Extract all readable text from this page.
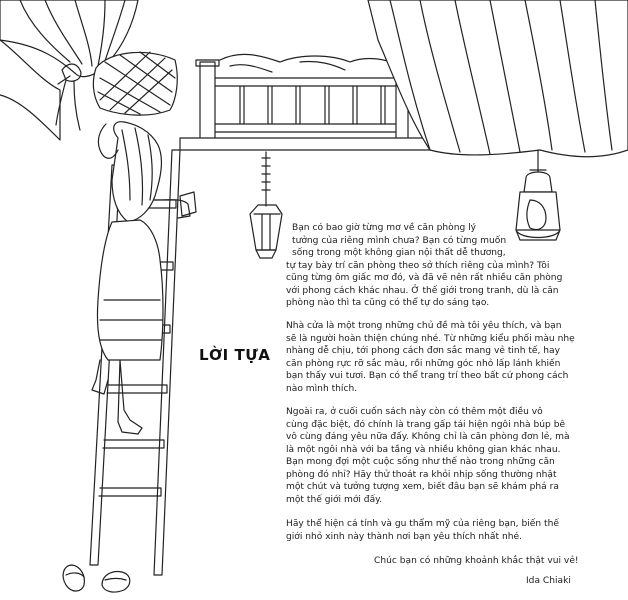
LỜI TỰA

Bạn có bao giờ từng mơ về căn phòng lý
tưởng của riêng mình chưa? Bạn có từng muốn
sống trong một không gian nội thất dễ thương,
tự tay bày trí căn phòng theo sở thích riêng của mình? Tôi
cũng từng ôm giấc mơ đó, và đã vẽ nên rất nhiều căn phòng
với phong cách khác nhau. Ở thế giới trong tranh, dù là căn
phòng nào thì ta cũng có thể tự do sáng tạo.

Nhà cửa là một trong những chủ đề mà tôi yêu thích, và bạn
sẽ là người hoàn thiện chúng nhé. Từ những kiểu phối màu nhẹ
nhàng dễ chịu, tới phong cách đơn sắc mang vẻ tinh tế, hay
căn phòng rực rỡ sắc màu, rồi những góc nhỏ lấp lánh khiến
bạn thấy vui tươi. Bạn có thể trang trí theo bất cứ phong cách
nào mình thích.

Ngoài ra, ở cuối cuốn sách này còn có thêm một điều vô
cùng đặc biệt, đó chính là trang gấp tái hiện ngôi nhà búp bê
vô cùng đáng yêu nữa đấy. Không chỉ là căn phòng đơn lẻ, mà
là một ngôi nhà với ba tầng và nhiều không gian khác nhau.
Bạn mong đợi một cuộc sống như thế nào trong những căn
phòng đó nhỉ? Hãy thử thoát ra khỏi nhịp sống thường nhật
một chút và tưởng tượng xem, biết đâu bạn sẽ khám phá ra
một thế giới mới đấy.

Hãy thể hiện cá tính và gu thẩm mỹ của riêng bạn, biến thế
giới nhỏ xinh này thành nơi bạn yêu thích nhất nhé.

Chúc bạn có những khoảnh khắc thật vui vẻ!
Ida Chiaki
